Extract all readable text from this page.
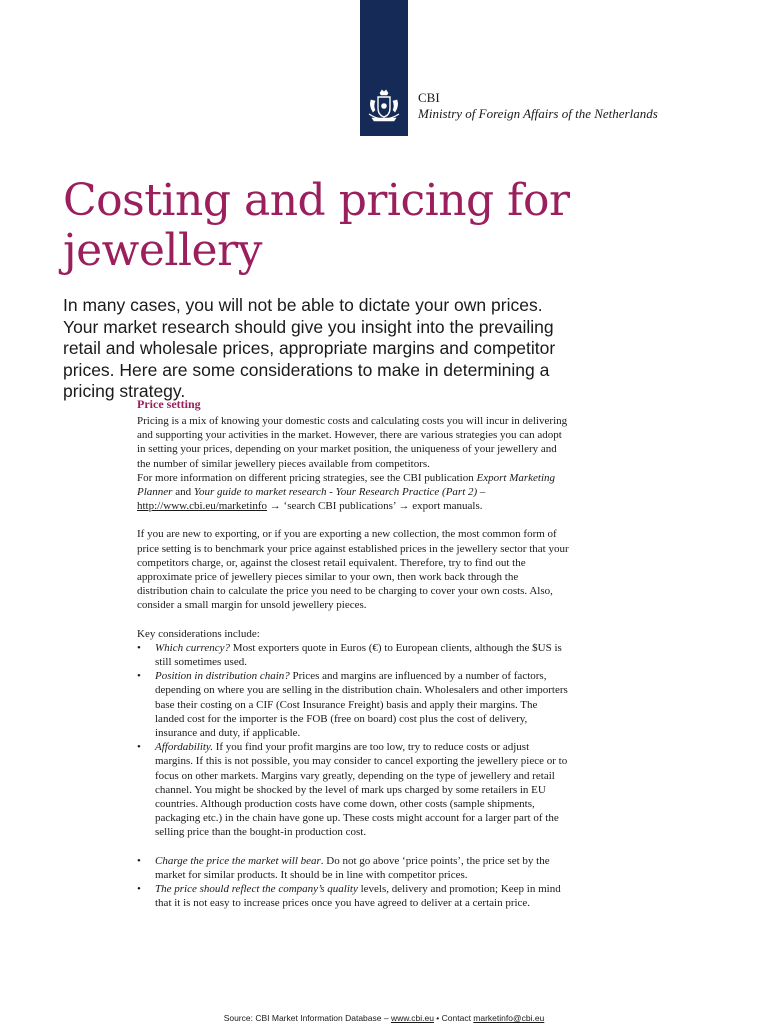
CBI
Ministry of Foreign Affairs of the Netherlands
Costing and pricing for jewellery

In many cases, you will not be able to dictate your own prices. Your market research should give you insight into the prevailing retail and wholesale prices, appropriate margins and competitor prices. Here are some considerations to make in determining a pricing strategy.

Price setting

Pricing is a mix of knowing your domestic costs and calculating costs you will incur in delivering and supporting your activities in the market. However, there are various strategies you can adopt in setting your prices, depending on your market position, the uniqueness of your jewellery and the number of similar jewellery pieces available from competitors.

For more information on different pricing strategies, see the CBI publication Export Marketing Planner and Your guide to market research - Your Research Practice (Part 2) –
http://www.cbi.eu/marketinfo → ‘search CBI publications’ → export manuals.

If you are new to exporting, or if you are exporting a new collection, the most common form of price setting is to benchmark your price against established prices in the jewellery sector that your competitors charge, or, against the closest retail equivalent. Therefore, try to find out the approximate price of jewellery pieces similar to your own, then work back through the distribution chain to calculate the price you need to be charging to cover your own costs. Also, consider a small margin for unsold jewellery pieces.

Key considerations include:

• Which currency? Most exporters quote in Euros (€) to European clients, although the $US is still sometimes used.
• Position in distribution chain? Prices and margins are influenced by a number of factors, depending on where you are selling in the distribution chain. Wholesalers and other importers base their costing on a CIF (Cost Insurance Freight) basis and apply their margins. The landed cost for the importer is the FOB (free on board) cost plus the cost of delivery, insurance and duty, if applicable.
• Affordability. If you find your profit margins are too low, try to reduce costs or adjust margins. If this is not possible, you may consider to cancel exporting the jewellery piece or to focus on other markets. Margins vary greatly, depending on the type of jewellery and retail channel. You might be shocked by the level of mark ups charged by some retailers in EU countries. Although production costs have come down, other costs (sample shipments, packaging etc.) in the chain have gone up. These costs might account for a larger part of the selling price than the bought-in production cost.
• Charge the price the market will bear. Do not go above ‘price points’, the price set by the market for similar products. It should be in line with competitor prices.
• The price should reflect the company’s quality levels, delivery and promotion; Keep in mind that it is not easy to increase prices once you have agreed to deliver at a certain price.
Source: CBI Market Information Database – www.cbi.eu • Contact marketinfo@cbi.eu
